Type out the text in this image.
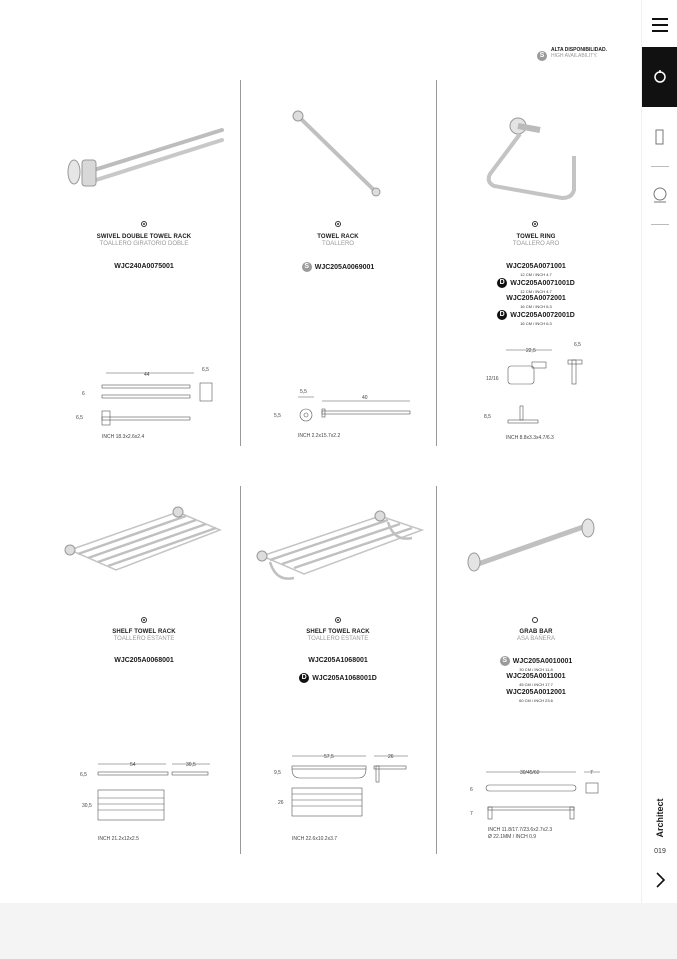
S
ALTA DISPONIBILIDAD.
HIGH AVAILABILITY.
SWIVEL DOUBLE TOWEL RACK
TOALLERO GIRATORIO DOBLE
WJC240A0075001
44
6,5
6
6,5
INCH 18.3x2.6x2.4
TOWEL RACK
TOALLERO
S WJC205A0069001
5,5
40
5,5
INCH 2.2x15.7x2.2
TOWEL RING
TOALLERO ARO
WJC205A0071001
12 CM / INCH 4.7
D WJC205A0071001D
12 CM / INCH 4.7
WJC205A0072001
16 CM / INCH 6.3
D WJC205A0072001D
16 CM / INCH 6.3
22,5
6,5
12/16
8,5
INCH 8.8x3.3x4.7/6.3
SHELF TOWEL RACK
TOALLERO ESTANTE
WJC205A0068001
54	30,5
6,5
30,5
INCH 21.2x12x2.5
SHELF TOWEL RACK
TOALLERO ESTANTE
WJC205A1068001
D WJC205A1068001D
57,5	26
9,5
26
INCH 22.6x10.2x3.7
GRAB BAR
ASA BAÑERA
S WJC205A0010001
30 CM / INCH 11.8
WJC205A0011001
45 CM / INCH 17.7
WJC205A0012001
60 CM / INCH 23.6
30/45/60	7
6
7
INCH 11.8/17.7/23.6x2.7x2.3
Ø 22.1MM / INCH 0.9	Architect
019
